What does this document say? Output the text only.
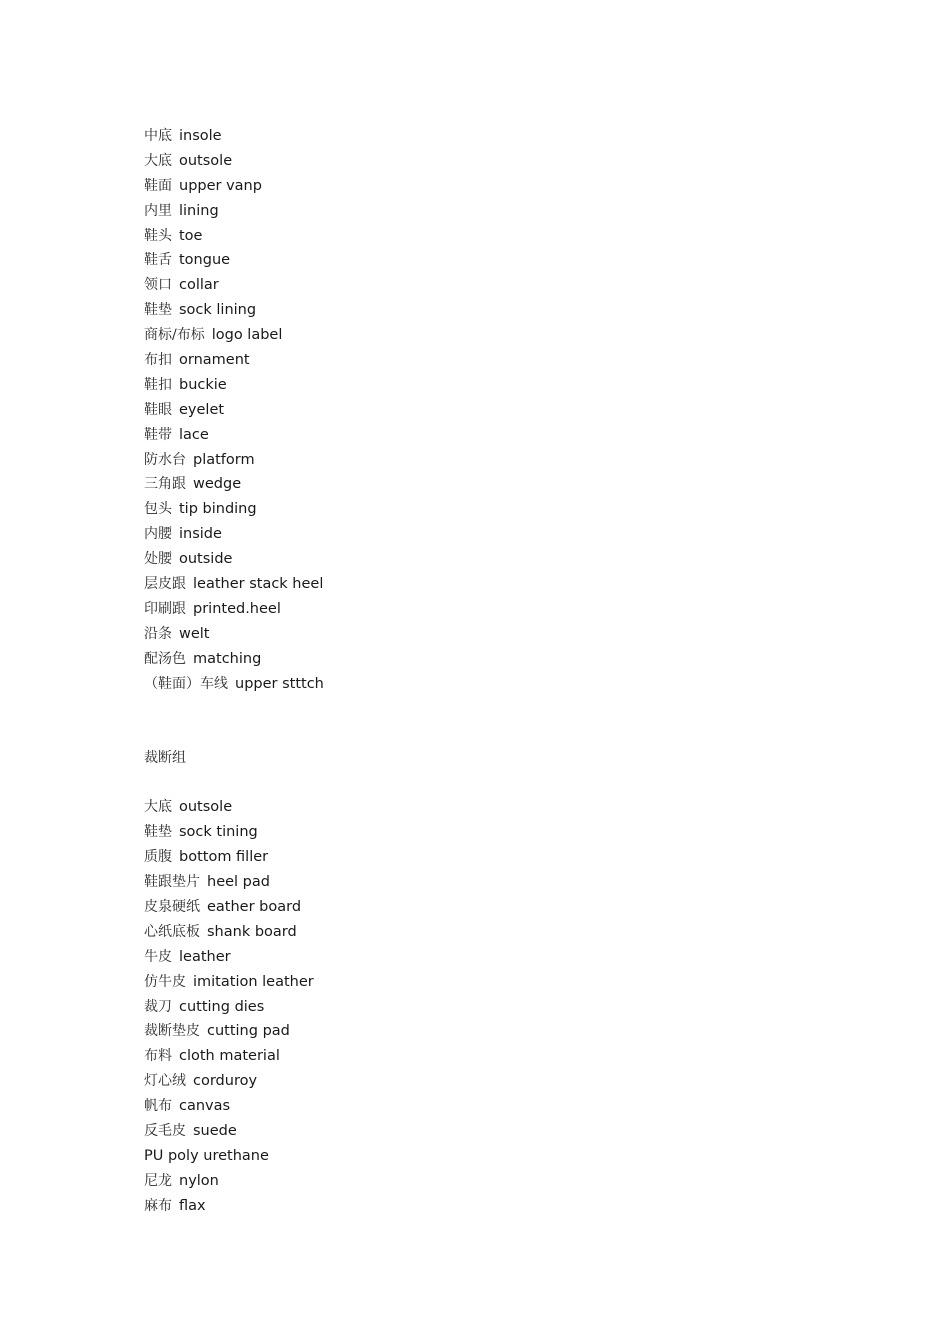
中底 insole
大底 outsole
鞋面 upper vanp
内里 lining
鞋头 toe
鞋舌 tongue
领口 collar
鞋垫 sock lining
商标/布标 logo label
布扣 ornament
鞋扣 buckie
鞋眼 eyelet
鞋带 lace
防水台 platform
三角跟 wedge
包头 tip binding
内腰 inside
处腰 outside
层皮跟 leather stack heel
印刷跟 printed.heel
沿条 welt
配汤色 matching
（鞋面）车线 upper stttch
裁断组
大底 outsole
鞋垫 sock tining
质腹 bottom filler
鞋跟垫片 heel pad
皮泉硬纸 eather board
心纸底板 shank board
牛皮 leather
仿牛皮 imitation leather
裁刀 cutting dies
裁断垫皮 cutting pad
布料 cloth material
灯心绒 corduroy
帆布 canvas
反毛皮 suede
PU poly urethane
尼龙 nylon
麻布 flax
